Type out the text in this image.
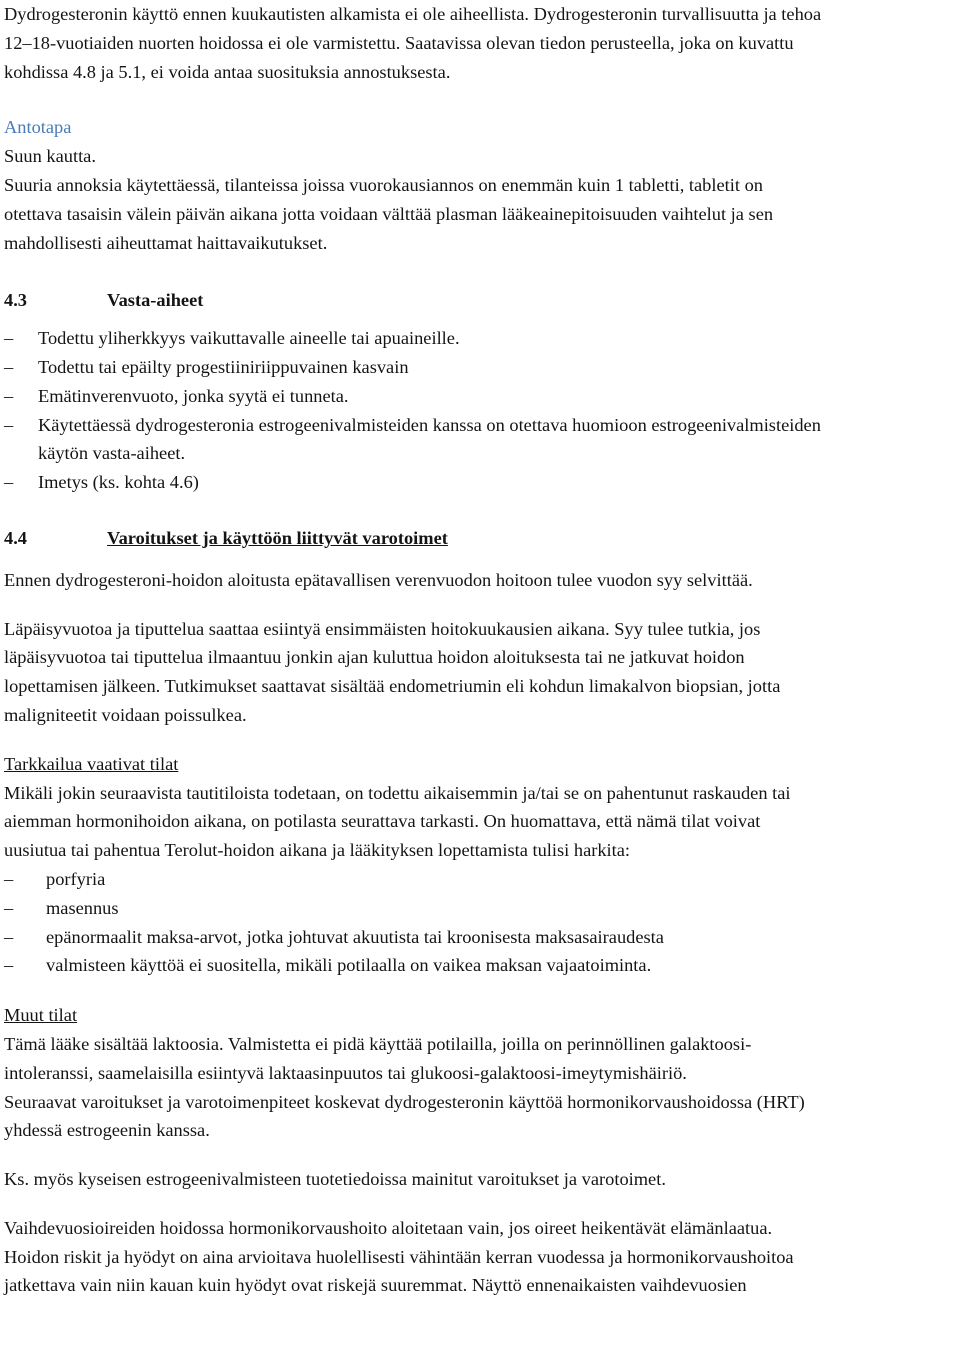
Dydrogesteronin käyttö ennen kuukautisten alkamista ei ole aiheellista. Dydrogesteronin turvallisuutta ja tehoa

12–18-vuotiaiden nuorten hoidossa ei ole varmistettu. Saatavissa olevan tiedon perusteella, joka on kuvattu

kohdissa 4.8 ja 5.1, ei voida antaa suosituksia annostuksesta.

Antotapa

Suun kautta.

Suuria annoksia käytettäessä, tilanteissa joissa vuorokausiannos on enemmän kuin 1 tabletti, tabletit on

otettava tasaisin välein päivän aikana jotta voidaan välttää plasman lääkeainepitoisuuden vaihtelut ja sen

mahdollisesti aiheuttamat haittavaikutukset.

4.3	Vasta-aiheet
– Todettu yliherkkyys vaikuttavalle aineelle tai apuaineille.
– Todettu tai epäilty progestiiniriippuvainen kasvain
– Emätinverenvuoto, jonka syytä ei tunneta.
– Käytettäessä dydrogesteronia estrogeenivalmisteiden kanssa on otettava huomioon estrogeenivalmisteiden
käytön vasta-aiheet.
– Imetys (ks. kohta 4.6)
4.4	Varoitukset ja käyttöön liittyvät varotoimet

Ennen dydrogesteroni-hoidon aloitusta epätavallisen verenvuodon hoitoon tulee vuodon syy selvittää.

Läpäisyvuotoa ja tiputtelua saattaa esiintyä ensimmäisten hoitokuukausien aikana. Syy tulee tutkia, jos

läpäisyvuotoa tai tiputtelua ilmaantuu jonkin ajan kuluttua hoidon aloituksesta tai ne jatkuvat hoidon

lopettamisen jälkeen. Tutkimukset saattavat sisältää endometriumin eli kohdun limakalvon biopsian, jotta

maligniteetit voidaan poissulkea.

Tarkkailua vaativat tilat

Mikäli jokin seuraavista tautitiloista todetaan, on todettu aikaisemmin ja/tai se on pahentunut raskauden tai

aiemman hormonihoidon aikana, on potilasta seurattava tarkasti. On huomattava, että nämä tilat voivat

uusiutua tai pahentua Terolut-hoidon aikana ja lääkityksen lopettamista tulisi harkita:

– porfyria
– masennus
– epänormaalit maksa-arvot, jotka johtuvat akuutista tai kroonisesta maksasairaudesta
– valmisteen käyttöä ei suositella, mikäli potilaalla on vaikea maksan vajaatoiminta.

Muut tilat

Tämä lääke sisältää laktoosia. Valmistetta ei pidä käyttää potilailla, joilla on perinnöllinen galaktoosi-

intoleranssi, saamelaisilla esiintyvä laktaasinpuutos tai glukoosi-galaktoosi-imeytymishäiriö.

Seuraavat varoitukset ja varotoimenpiteet koskevat dydrogesteronin käyttöä hormonikorvaushoidossa (HRT)

yhdessä estrogeenin kanssa.

Ks. myös kyseisen estrogeenivalmisteen tuotetiedoissa mainitut varoitukset ja varotoimet.

Vaihdevuosioireiden hoidossa hormonikorvaushoito aloitetaan vain, jos oireet heikentävät elämänlaatua.

Hoidon riskit ja hyödyt on aina arvioitava huolellisesti vähintään kerran vuodessa ja hormonikorvaushoitoa

jatkettava vain niin kauan kuin hyödyt ovat riskejä suuremmat. Näyttö ennenaikaisten vaihdevuosien
